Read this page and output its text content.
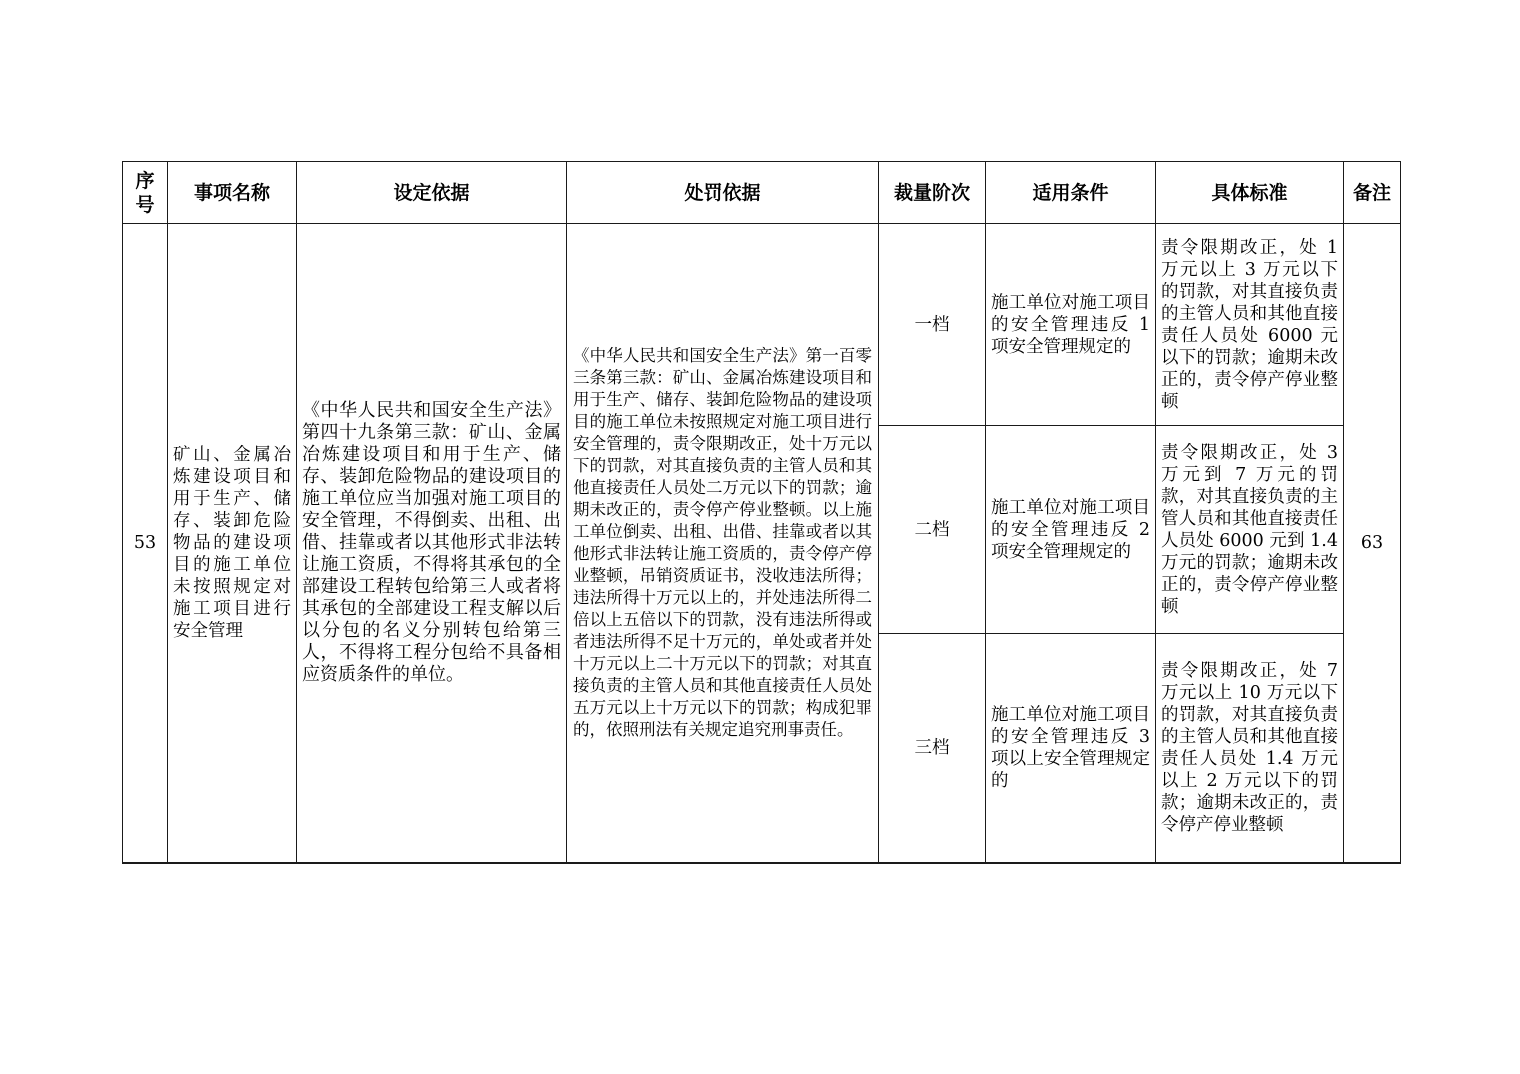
序号	事项名称	设定依据	处罚依据	裁量阶次	适用条件	具体标准	备注
53	矿山、金属冶炼建设项目和用于生产、储存、装卸危险物品的建设项目的施工单位未按照规定对施工项目进行安全管理	《中华人民共和国安全生产法》第四十九条第三款：矿山、金属冶炼建设项目和用于生产、储存、装卸危险物品的建设项目的施工单位应当加强对施工项目的安全管理，不得倒卖、出租、出借、挂靠或者以其他形式非法转让施工资质，不得将其承包的全部建设工程转包给第三人或者将其承包的全部建设工程支解以后以分包的名义分别转包给第三人，不得将工程分包给不具备相应资质条件的单位。	《中华人民共和国安全生产法》第一百零三条第三款：矿山、金属冶炼建设项目和用于生产、储存、装卸危险物品的建设项目的施工单位未按照规定对施工项目进行安全管理的，责令限期改正，处十万元以下的罚款，对其直接负责的主管人员和其他直接责任人员处二万元以下的罚款；逾期未改正的，责令停产停业整顿。以上施工单位倒卖、出租、出借、挂靠或者以其他形式非法转让施工资质的，责令停产停业整顿，吊销资质证书，没收违法所得；违法所得十万元以上的，并处违法所得二倍以上五倍以下的罚款，没有违法所得或者违法所得不足十万元的，单处或者并处十万元以上二十万元以下的罚款；对其直接负责的主管人员和其他直接责任人员处五万元以上十万元以下的罚款；构成犯罪的，依照刑法有关规定追究刑事责任。	一档	施工单位对施工项目的安全管理违反 1 项安全管理规定的	责令限期改正，处 1 万元以上 3 万元以下的罚款，对其直接负责的主管人员和其他直接责任人员处 6000 元以下的罚款；逾期未改正的，责令停产停业整顿	63
				二档	施工单位对施工项目的安全管理违反 2 项安全管理规定的	责令限期改正，处 3 万元到 7 万元的罚款，对其直接负责的主管人员和其他直接责任人员处 6000 元到 1.4 万元的罚款；逾期未改正的，责令停产停业整顿	
				三档	施工单位对施工项目的安全管理违反 3 项以上安全管理规定的	责令限期改正，处 7 万元以上 10 万元以下的罚款，对其直接负责的主管人员和其他直接责任人员处 1.4 万元以上 2 万元以下的罚款；逾期未改正的，责令停产停业整顿	
